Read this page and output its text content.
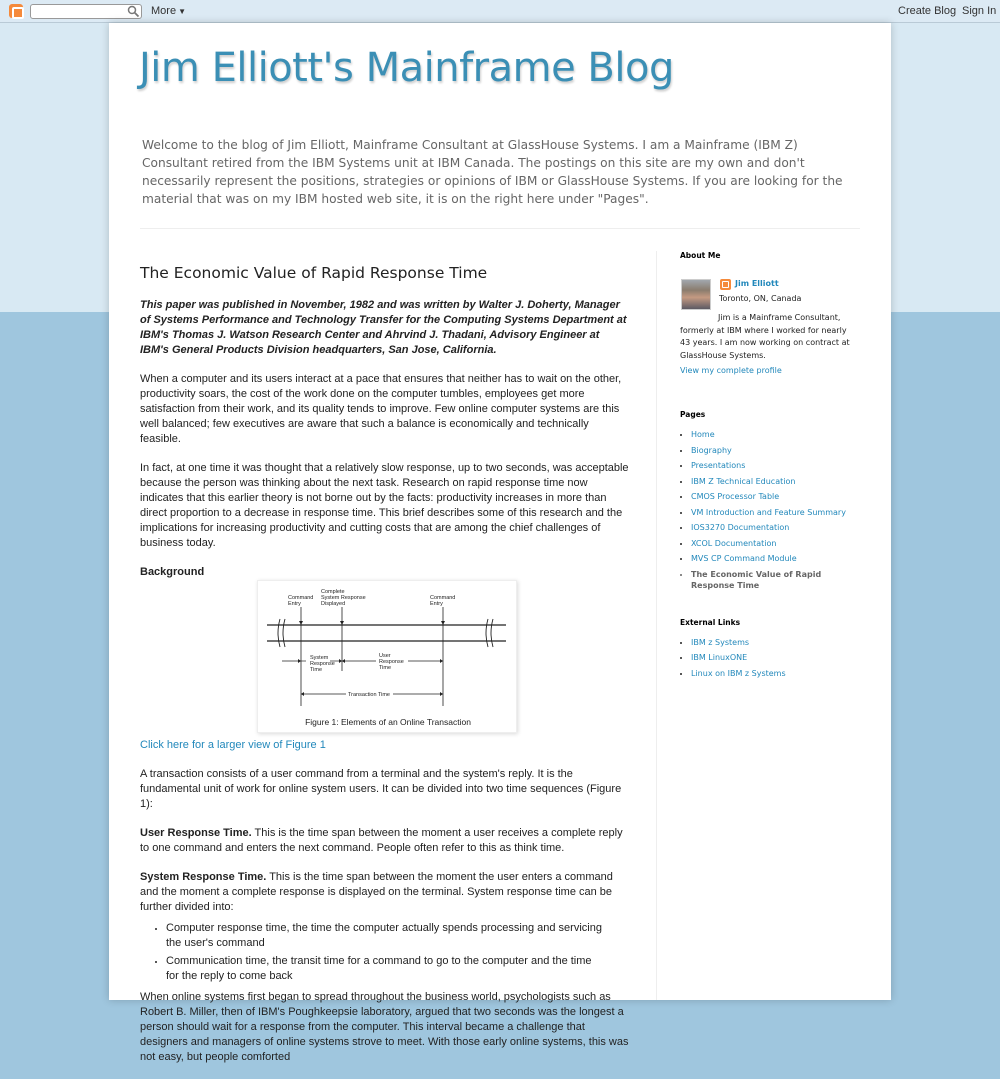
More ▼	Create Blog Sign In
Jim Elliott's Mainframe Blog
Welcome to the blog of Jim Elliott, Mainframe Consultant at GlassHouse Systems. I am a Mainframe (IBM Z) Consultant retired from the IBM Systems unit at IBM Canada. The postings on this site are my own and don't necessarily represent the positions, strategies or opinions of IBM or GlassHouse Systems. If you are looking for the material that was on my IBM hosted web site, it is on the right here under "Pages".
The Economic Value of Rapid Response Time

This paper was published in November, 1982 and was written by Walter J. Doherty, Manager of Systems Performance and Technology Transfer for the Computing Systems Department at IBM's Thomas J. Watson Research Center and Ahrvind J. Thadani, Advisory Engineer at IBM's General Products Division headquarters, San Jose, California.

When a computer and its users interact at a pace that ensures that neither has to wait on the other, productivity soars, the cost of the work done on the computer tumbles, employees get more satisfaction from their work, and its quality tends to improve. Few online computer systems are this well balanced; few executives are aware that such a balance is economically and technically feasible.

In fact, at one time it was thought that a relatively slow response, up to two seconds, was acceptable because the person was thinking about the next task. Research on rapid response time now indicates that this earlier theory is not borne out by the facts: productivity increases in more than direct proportion to a decrease in response time. This brief describes some of this research and the implications for increasing productivity and cutting costs that are among the chief challenges of business today.

Background
Command
Entry
Complete
System Response
Displayed
Command
Entry
System
Response
Time
User
Response
Time
Transaction Time
Figure 1: Elements of an Online Transaction

Click here for a larger view of Figure 1

A transaction consists of a user command from a terminal and the system's reply. It is the fundamental unit of work for online system users. It can be divided into two time sequences (Figure 1):

User Response Time. This is the time span between the moment a user receives a complete reply to one command and enters the next command. People often refer to this as think time.

System Response Time. This is the time span between the moment the user enters a command and the moment a complete response is displayed on the terminal. System response time can be further divided into:

• Computer response time, the time the computer actually spends processing and servicing the user's command
• Communication time, the transit time for a command to go to the computer and the time for the reply to come back

When online systems first began to spread throughout the business world, psychologists such as Robert B. Miller, then of IBM's Poughkeepsie laboratory, argued that two seconds was the longest a person should wait for a response from the computer. This interval became a challenge that designers and managers of online systems strove to meet. With those early online systems, this was not easy, but people comforted

About Me
Jim Elliott
Toronto, ON, Canada
Jim is a Mainframe Consultant, formerly at IBM where I worked for nearly 43 years. I am now working on contract at GlassHouse Systems.
View my complete profile
Pages
• Home
• Biography
• Presentations
• IBM Z Technical Education
• CMOS Processor Table
• VM Introduction and Feature Summary
• IOS3270 Documentation
• XCOL Documentation
• MVS CP Command Module
• The Economic Value of Rapid Response Time
External Links
• IBM z Systems
• IBM LinuxONE
• Linux on IBM z Systems
